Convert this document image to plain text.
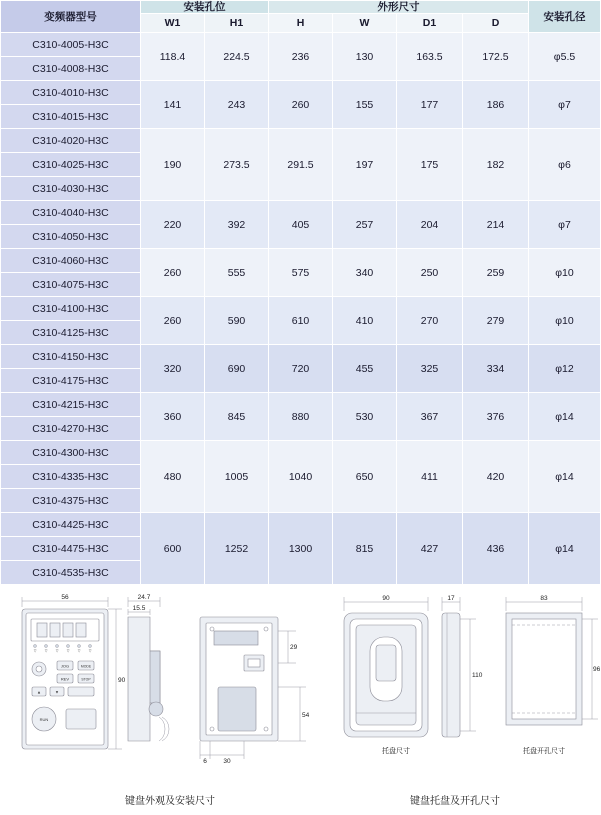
变频器型号	安装孔位		外形尺寸				安装孔径
	W1	H1	H	W	D1	D	
C310-4005-H3C	118.4	224.5	236	130	163.5	172.5	φ5.5
C310-4008-H3C							
C310-4010-H3C	141	243	260	155	177	186	φ7
C310-4015-H3C							
C310-4020-H3C	190	273.5	291.5	197	175	182	φ6
C310-4025-H3C							
C310-4030-H3C							
C310-4040-H3C	220	392	405	257	204	214	φ7
C310-4050-H3C							
C310-4060-H3C	260	555	575	340	250	259	φ10
C310-4075-H3C							
C310-4100-H3C	260	590	610	410	270	279	φ10
C310-4125-H3C							
C310-4150-H3C	320	690	720	455	325	334	φ12
C310-4175-H3C							
C310-4215-H3C	360	845	880	530	367	376	φ14
C310-4270-H3C							
C310-4300-H3C	480	1005	1040	650	411	420	φ14
C310-4335-H3C							
C310-4375-H3C							
C310-4425-H3C	600	1252	1300	815	427	436	φ14
C310-4475-H3C							
C310-4535-H3C							
56
▽ ▽ ▽ ▽ ▽ ▽
JOG	MODE
REV	STOP
▲	▼
RUN
90
24.7
15.5
29
54
6	30
90	17
110
83
96
托盘尺寸	托盘开孔尺寸
键盘外观及安装尺寸	键盘托盘及开孔尺寸
